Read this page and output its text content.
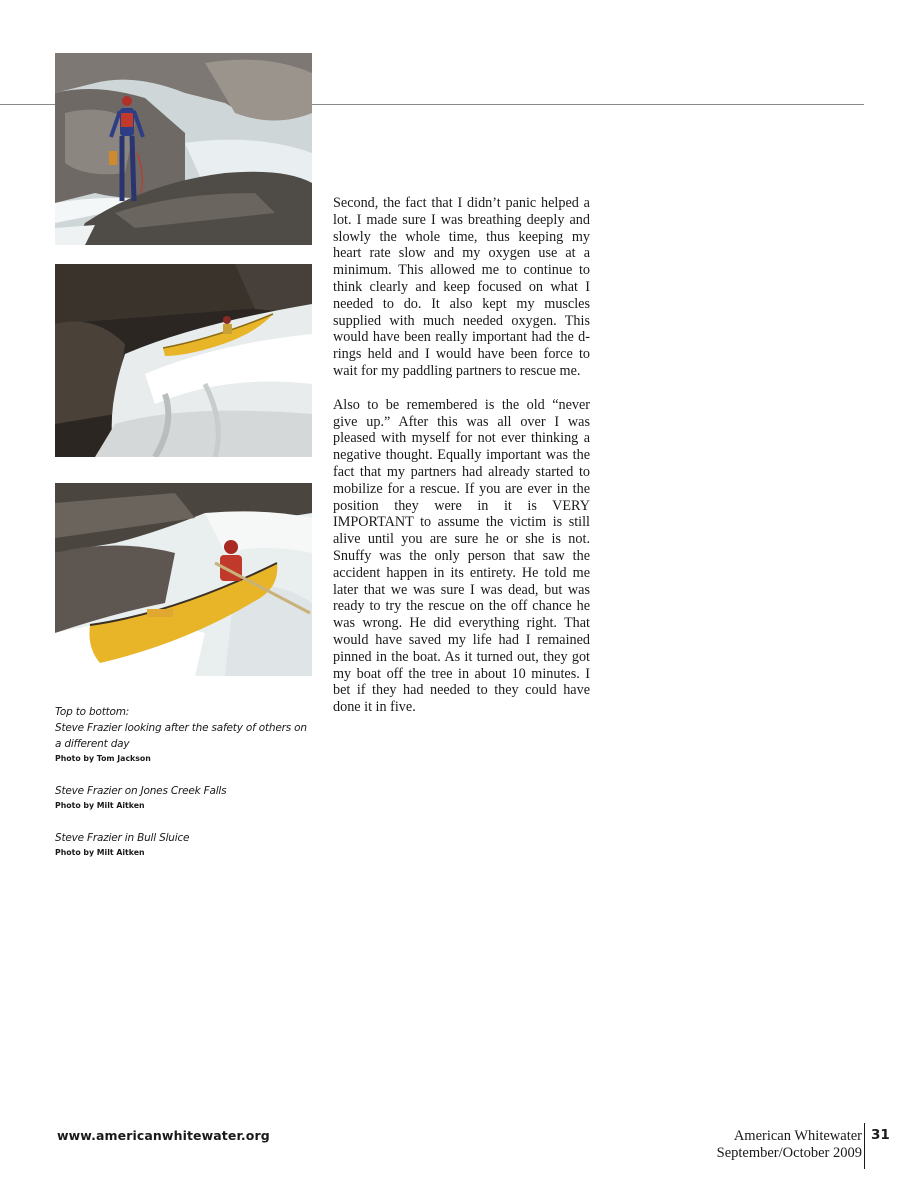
Top to bottom:
Steve Frazier looking after the safety of others on a different day
Photo by Tom Jackson
Steve Frazier on Jones Creek Falls
Photo by Milt Aitken
Steve Frazier in Bull Sluice
Photo by Milt Aitken

Second, the fact that I didn’t panic helped a lot. I made sure I was breathing deeply and slowly the whole time, thus keeping my heart rate slow and my oxygen use at a minimum. This allowed me to continue to think clearly and keep focused on what I needed to do. It also kept my muscles supplied with much needed oxygen. This would have been really important had the d-rings held and I would have been force to wait for my paddling partners to rescue me.

Also to be remembered is the old “never give up.” After this was all over I was pleased with myself for not ever thinking a negative thought. Equally important was the fact that my partners had already started to mobilize for a rescue. If you are ever in the position they were in it is VERY IMPORTANT to assume the victim is still alive until you are sure he or she is not. Snuffy was the only person that saw the accident happen in its entirety. He told me later that we was sure I was dead, but was ready to try the rescue on the off chance he was wrong. He did everything right. That would have saved my life had I remained pinned in the boat. As it turned out, they got my boat off the tree in about 10 minutes. I bet if they had needed to they could have done it in five.

www.americanwhitewater.org	American Whitewater
September/October 2009
31
